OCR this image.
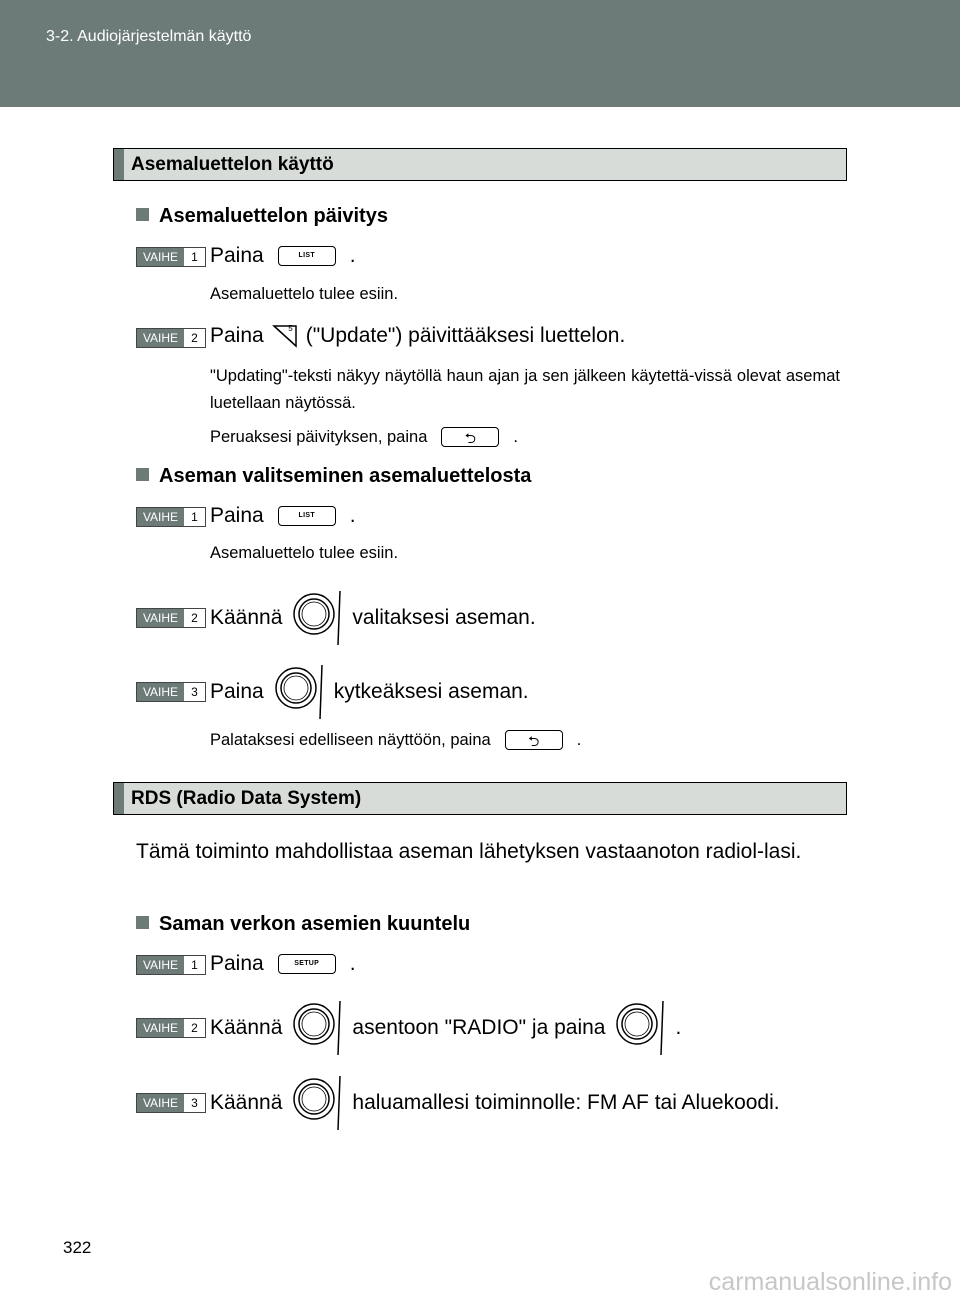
3-2. Audiojärjestelmän käyttö
Asemaluettelon käyttö
Asemaluettelon päivitys
VAIHE	1 Paina	LIST	.
Asemaluettelo tulee esiin.
VAIHE	2 Paina	5 ("Update") päivittääksesi luettelon.
"Updating"-teksti näkyy näytöllä haun ajan ja sen jälkeen käytettä-vissä olevat asemat luetellaan näytössä.
Peruaksesi päivityksen, paina	⮌	.
Aseman valitseminen asemaluettelosta
VAIHE	1 Paina	LIST	.
Asemaluettelo tulee esiin.
VAIHE	2 Käännä	valitaksesi aseman.
VAIHE	3 Paina	kytkeäksesi aseman.
Palataksesi edelliseen näyttöön, paina	⮌	.
RDS (Radio Data System)
Tämä toiminto mahdollistaa aseman lähetyksen vastaanoton radiol-lasi.
Saman verkon asemien kuuntelu
VAIHE	1 Paina	SETUP	.
VAIHE	2 Käännä	asentoon "RADIO" ja paina	.
VAIHE	3 Käännä	haluamallesi toiminnolle: FM AF tai Aluekoodi.
322
carmanualsonline.info
